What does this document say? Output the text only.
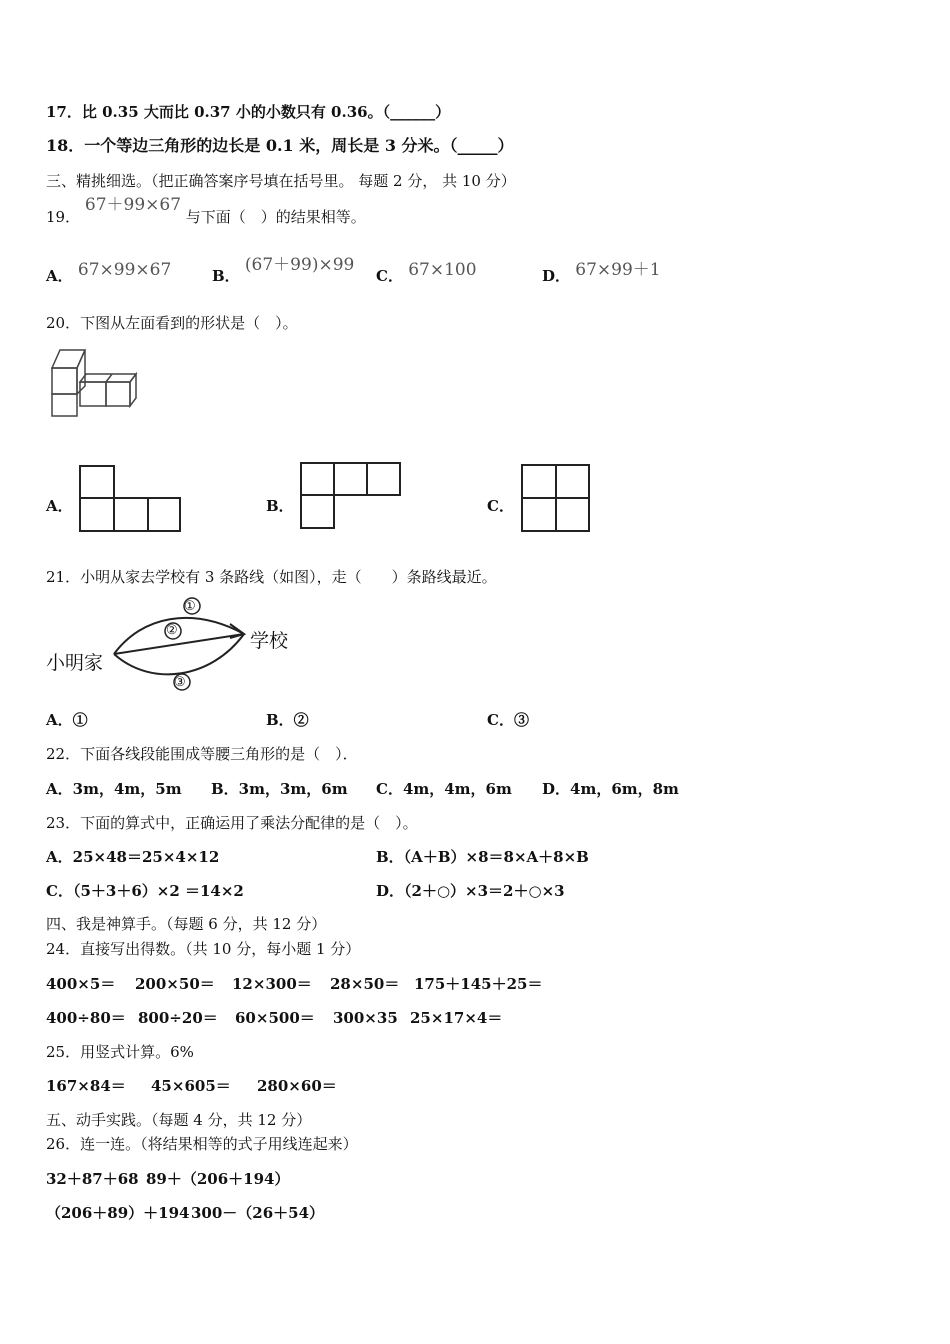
17．比 0.35 大而比 0.37 小的小数只有 0.36。（______）
18．一个等边三角形的边长是 0.1 米，周长是 3 分米。（_____）
三、精挑细选。（把正确答案序号填在括号里。 每题 2 分， 共 10 分）
19． 67＋99×67 与下面（　）的结果相等。
A． 67×99×67	B． (67＋99)×99
C． 67×100	D． 67×99＋1
20．下图从左面看到的形状是（　）。
A．	B．	C．
21．小明从家去学校有 3 条路线（如图），走（　　）条路线最近。
小明家
学校
①
②
③
A．①	B．②	C．③
22．下面各线段能围成等腰三角形的是（　）．
A．3m，4m，5m B．3m，3m，6m C．4m，4m，6m D．4m，6m，8m
23．下面的算式中，正确运用了乘法分配律的是（　）。
A．25×48＝25×4×12	B．（A＋B）×8＝8×A＋8×B
C．（5＋3＋6）×2 ＝14×2	D．（2＋○）×3＝2＋○×3
四、我是神算手。（每题 6 分，共 12 分）
24．直接写出得数。（共 10 分，每小题 1 分）
400×5＝ 200×50＝ 12×300＝ 28×50＝ 175＋145＋25＝
400÷80＝ 800÷20＝ 60×500＝ 300×35 25×17×4＝
25．用竖式计算。6%
167×84＝ 45×605＝ 280×60＝
五、动手实践。（每题 4 分，共 12 分）
26．连一连。（将结果相等的式子用线连起来）
32＋87＋68 89＋（206＋194）
（206＋89）＋194 300－（26＋54）
